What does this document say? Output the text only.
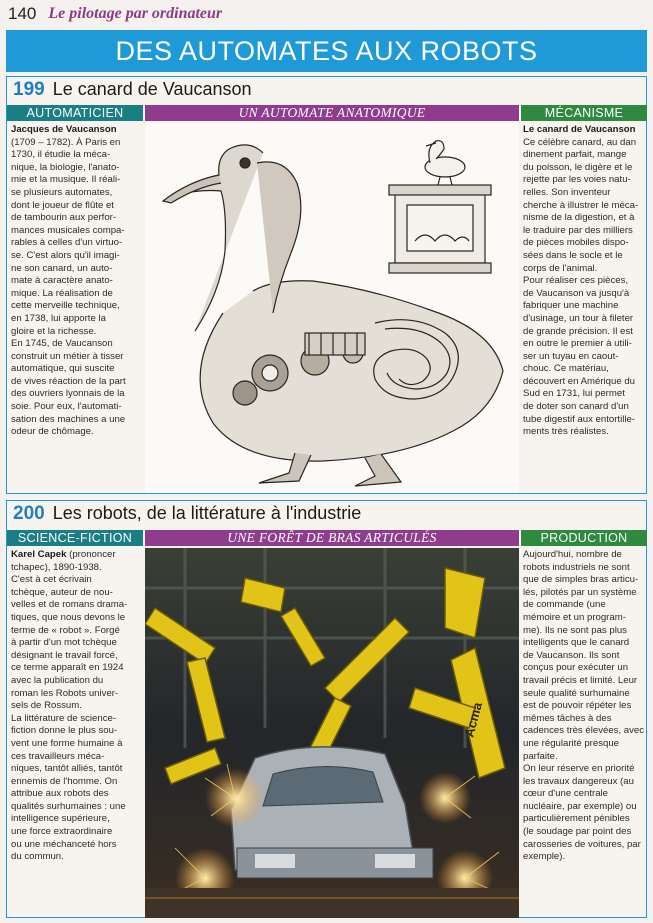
140 Le pilotage par ordinateur
DES AUTOMATES AUX ROBOTS
199 Le canard de Vaucanson
AUTOMATICIEN	UN AUTOMATE ANATOMIQUE	MÉCANISME
Jacques de Vaucanson
(1709 – 1782). À Paris en
1730, il étudie la méca-
nique, la biologie, l'anato-
mie et la musique. Il réali-
se plusieurs automates,
dont le joueur de flûte et
de tambourin aux perfor-
mances musicales compa-
rables à celles d'un virtuo-
se. C'est alors qu'il imagi-
ne son canard, un auto-
mate à caractère anato-
mique. La réalisation de
cette merveille technique,
en 1738, lui apporte la
gloire et la richesse.
En 1745, de Vaucanson
construit un métier à tisser
automatique, qui suscite
de vives réaction de la part
des ouvriers lyonnais de la
soie. Pour eux, l'automati-
sation des machines a une
odeur de chômage.
Le canard de Vaucanson
Ce célèbre canard, au dan
dinement parfait, mange
du poisson, le digère et le
rejette par les voies natu-
relles. Son inventeur
cherche à illustrer le méca-
nisme de la digestion, et à
le traduire par des milliers
de pièces mobiles dispo-
sées dans le socle et le
corps de l'animal.
Pour réaliser ces pièces,
de Vaucanson va jusqu'à
fabriquer une machine
d'usinage, un tour à fileter
de grande précision. Il est
en outre le premier à utili-
ser un tuyau en caout-
chouc. Ce matériau,
découvert en Amérique du
Sud en 1731, lui permet
de doter son canard d'un
tube digestif aux entortille-
ments très réalistes.
200 Les robots, de la littérature à l'industrie
SCIENCE-FICTION	UNE FORÊT DE BRAS ARTICULÉS	PRODUCTION
Karel Capek (prononcer
tchapec), 1890-1938.
C'est à cet écrivain
tchèque, auteur de nou-
velles et de romans drama-
tiques, que nous devons le
terme de « robot ». Forgé
à partir d'un mot tchèque
désignant le travail forcé,
ce terme apparaît en 1924
avec la publication du
roman les Robots univer-
sels de Rossum.
La littérature de science-
fiction donne le plus sou-
vent une forme humaine à
ces travailleurs méca-
niques, tantôt alliés, tantôt
ennemis de l'homme. On
attribue aux robots des
qualités surhumaines : une
intelligence supérieure,
une force extraordinaire
ou une méchanceté hors
du commun.
Acma
Aujourd'hui, nombre de
robots industriels ne sont
que de simples bras articu-
lés, pilotés par un système
de commande (une
mémoire et un program-
me). Ils ne sont pas plus
intelligents que le canard
de Vaucanson. Ils sont
conçus pour exécuter un
travail précis et limité. Leur
seule qualité surhumaine
est de pouvoir répéter les
mêmes tâches à des
cadences très élevées, avec
une régularité presque
parfaite.
On leur réserve en priorité
les travaux dangereux (au
cœur d'une centrale
nucléaire, par exemple) ou
particulièrement pénibles
(le soudage par point des
carosseries de voitures, par
exemple).
